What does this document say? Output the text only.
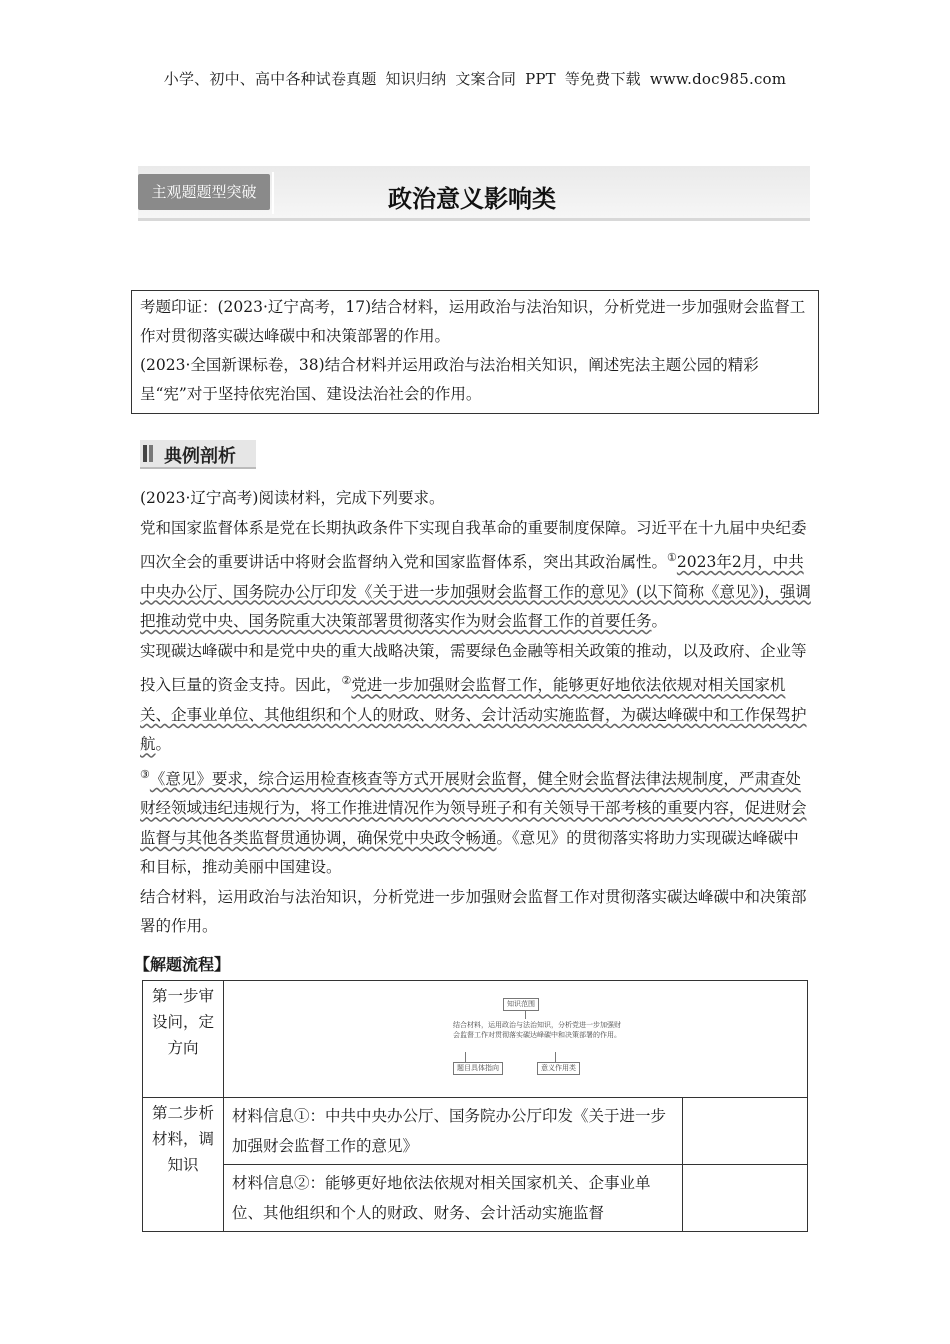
小学、初中、高中各种试卷真题 知识归纳 文案合同 PPT 等免费下载 www.doc985.com
主观题题型突破	政治意义影响类

考题印证：(2023·辽宁高考，17)结合材料，运用政治与法治知识，分析党进一步加强财会监督工作对贯彻落实碳达峰碳中和决策部署的作用。

(2023·全国新课标卷，38)结合材料并运用政治与法治相关知识，阐述宪法主题公园的精彩呈“宪”对于坚持依宪治国、建设法治社会的作用。

典例剖析

(2023·辽宁高考)阅读材料，完成下列要求。

党和国家监督体系是党在长期执政条件下实现自我革命的重要制度保障。习近平在十九届中央纪委四次全会的重要讲话中将财会监督纳入党和国家监督体系，突出其政治属性。①2023年2月，中共中央办公厅、国务院办公厅印发《关于进一步加强财会监督工作的意见》(以下简称《意见》)，强调把推动党中央、国务院重大决策部署贯彻落实作为财会监督工作的首要任务。

实现碳达峰碳中和是党中央的重大战略决策，需要绿色金融等相关政策的推动，以及政府、企业等投入巨量的资金支持。因此，②党进一步加强财会监督工作，能够更好地依法依规对相关国家机关、企事业单位、其他组织和个人的财政、财务、会计活动实施监督，为碳达峰碳中和工作保驾护航。

③《意见》要求，综合运用检查核查等方式开展财会监督，健全财会监督法律法规制度，严肃查处财经领域违纪违规行为，将工作推进情况作为领导班子和有关领导干部考核的重要内容，促进财会监督与其他各类监督贯通协调，确保党中央政令畅通。《意见》的贯彻落实将助力实现碳达峰碳中和目标，推动美丽中国建设。

结合材料，运用政治与法治知识，分析党进一步加强财会监督工作对贯彻落实碳达峰碳中和决策部署的作用。

【解题流程】
第一步审设问，定方向	知识范围
结合材料，运用政治与法治知识，分析党进一步加强财会监督工作对贯彻落实碳达峰碳中和决策部署的作用。
题目具体指向 意义作用类	

第二步析材料，调知识	材料信息①：中共中央办公厅、国务院办公厅印发《关于进一步加强财会监督工作的意见》	
	材料信息②：能够更好地依法依规对相关国家机关、企事业单位、其他组织和个人的财政、财务、会计活动实施监督	
